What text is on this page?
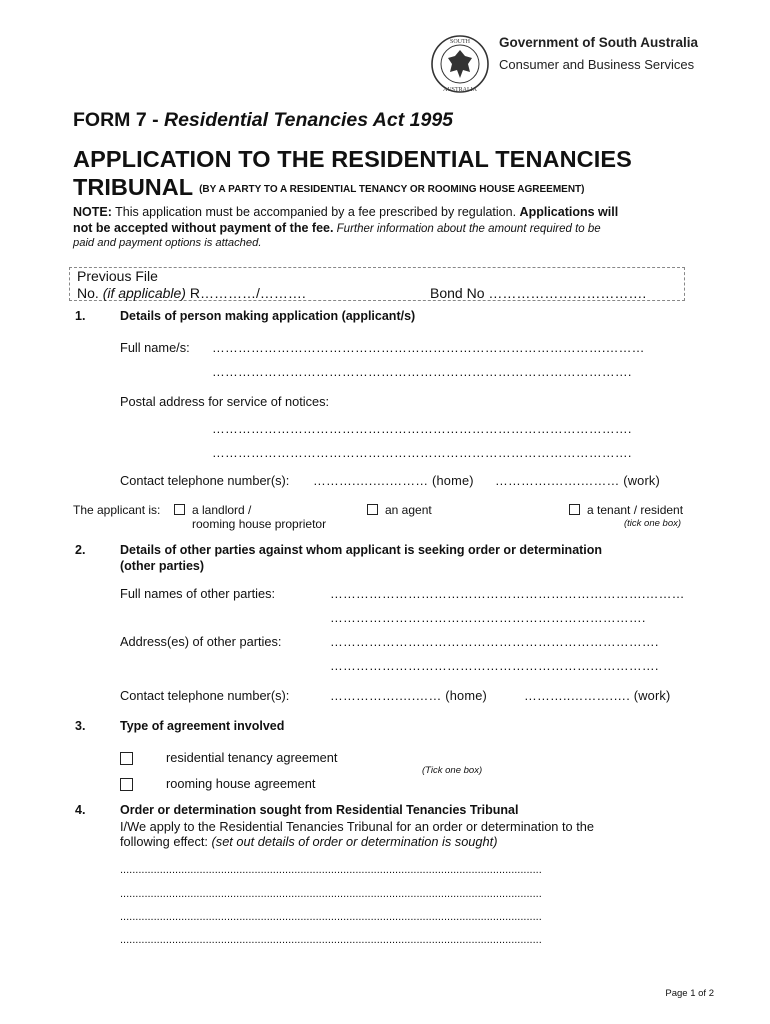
SOUTH
AUSTRALIA
Government of South Australia
Consumer and Business Services
FORM 7 - Residential Tenancies Act 1995
APPLICATION TO THE RESIDENTIAL TENANCIES
TRIBUNAL $^{(BY A PARTY TO A RESIDENTIAL TENANCY OR ROOMING HOUSE AGREEMENT)}$
NOTE: This application must be accompanied by a fee prescribed by regulation. Applications will
not be accepted without payment of the fee. Further information about the amount required to be
paid and payment options is attached.
Previous File
No. (if applicable) R…………/……….	Bond No …………………………….
1.	Details of person making application (applicant/s)
Full name/s: ……………………………………………………………………………….………
…………………………………………………………………………………….
Postal address for service of notices:
…………………………………………………………………………………….
…………………………………………………………………………………….
Contact telephone number(s): ……….….….……… (home) ………….…….……… (work)
The applicant is:	a landlord /
rooming house proprietor
an agent	a tenant / resident
(tick one box)
2.	Details of other parties against whom applicant is seeking order or determination
(other parties)
Full names of other parties:	……………………………………………………………….………
……………………………………………………………….
Address(es) of other parties:	………………………………………………………………….
………………………………………………………………….
Contact telephone number(s):	…………….….…… (home)	………..……….…. (work)
3.	Type of agreement involved
residential tenancy agreement
(Tick one box)
rooming house agreement
4.	Order or determination sought from Residential Tenancies Tribunal
I/We apply to the Residential Tenancies Tribunal for an order or determination to the
following effect: (set out details of order or determination is sought)
..........................................................................................................................................
..........................................................................................................................................
..........................................................................................................................................
..........................................................................................................................................
Page 1 of 2
